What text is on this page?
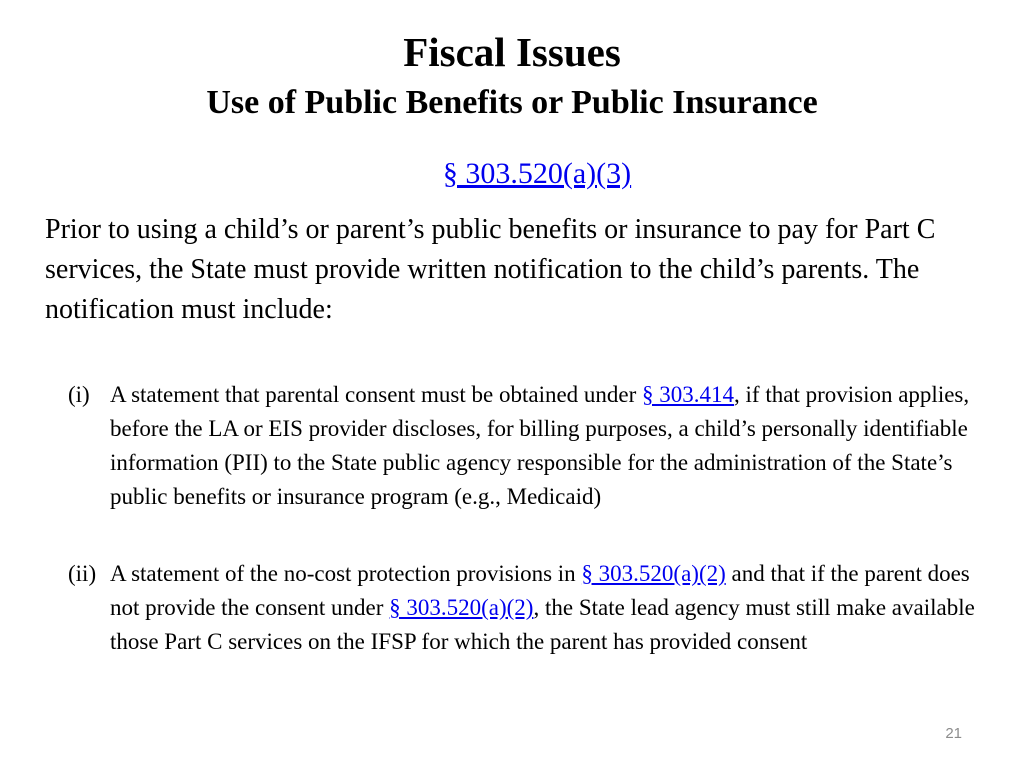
Fiscal Issues
Use of Public Benefits or Public Insurance
§ 303.520(a)(3)

Prior to using a child’s or parent’s public benefits or insurance to pay for Part C services, the State must provide written notification to the child’s parents. The notification must include:

(i) A statement that parental consent must be obtained under § 303.414, if that provision applies, before the LA or EIS provider discloses, for billing purposes, a child’s personally identifiable information (PII) to the State public agency responsible for the administration of the State’s public benefits or insurance program (e.g., Medicaid)
(ii) A statement of the no-cost protection provisions in § 303.520(a)(2) and that if the parent does not provide the consent under § 303.520(a)(2), the State lead agency must still make available those Part C services on the IFSP for which the parent has provided consent
21
